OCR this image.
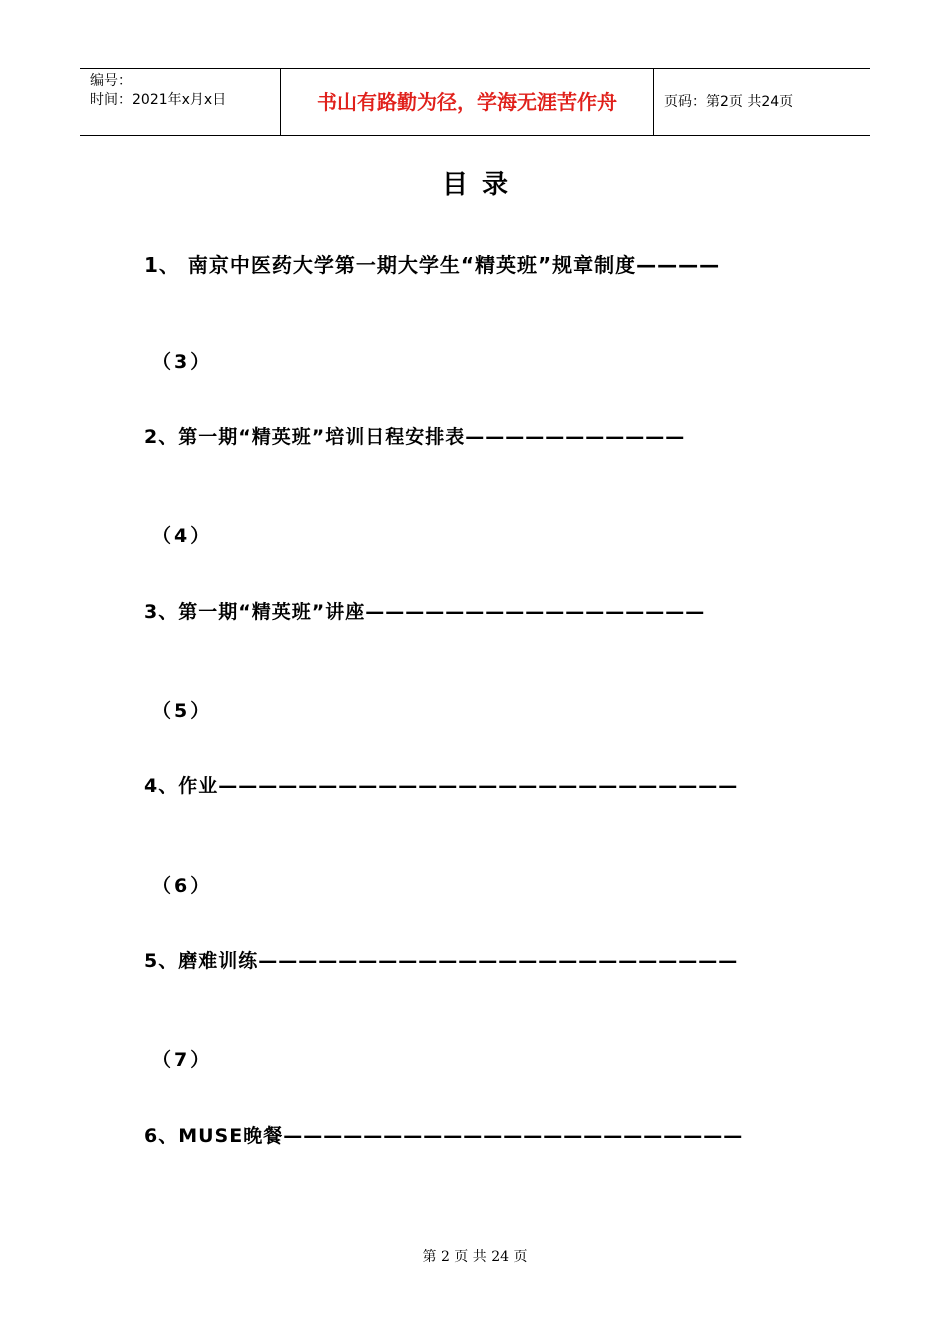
编号：
时间：2021年x月x日	书山有路勤为径，学海无涯苦作舟	页码：第2页 共24页
目录
1、 南京中医药大学第一期大学生“精英班”规章制度————
（3）
2、第一期“精英班”培训日程安排表———————————
（4）
3、第一期“精英班”讲座—————————————————
（5）
4、作业——————————————————————————
（6）
5、磨难训练————————————————————————
（7）
6、MUSE晚餐———————————————————————
第 2 页 共 24 页
